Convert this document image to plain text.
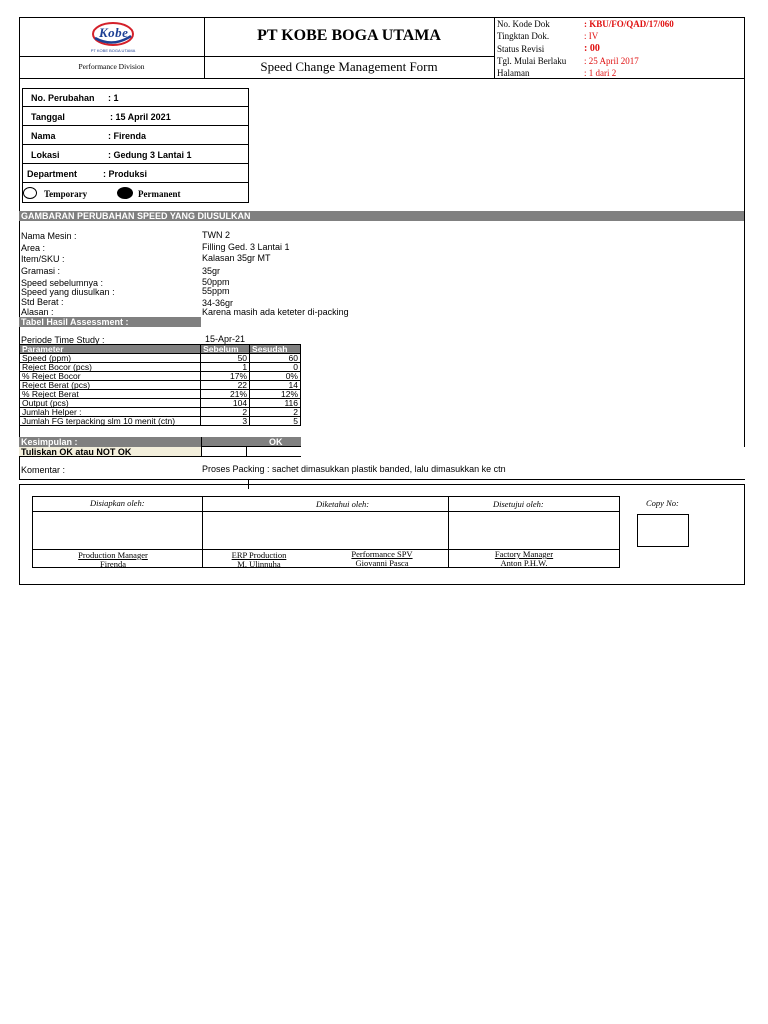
Kobe
PT KOBE BOGA UTAMA
Performance Division
PT KOBE BOGA UTAMA
Speed Change Management Form
No. Kode Dok	: KBU/FO/QAD/17/060
Tingktan Dok.	: IV
Status Revisi	: 00
Tgl. Mulai Berlaku : 25 April 2017
Halaman	: 1 dari 2
No. Perubahan : 1
Tanggal	: 15 April 2021
Nama	: Firenda
Lokasi	: Gedung 3 Lantai 1
Department	: Produksi
Temporary	Permanent
GAMBARAN PERUBAHAN SPEED YANG DIUSULKAN
Nama Mesin :	TWN 2
Area :	Filling Ged. 3 Lantai 1
Item/SKU :	Kalasan 35gr MT
Gramasi :	35gr
Speed sebelumnya :	50ppm
Speed yang diusulkan :	55ppm
Std Berat :	34-36gr
Alasan :	Karena masih ada keteter di-packing
Tabel Hasil Assessment :
Periode Time Study :	15-Apr-21
Parameter	Sebelum	Sesudah
Speed (ppm)	50	60
Reject Bocor (pcs)	1	0
% Reject Bocor	17%	0%
Reject Berat (pcs)	22	14
% Reject Berat	21%	12%
Output (pcs)	104	116
Jumlah Helper :	2	2
Jumlah FG terpacking slm 10 menit (ctn)	3	5
Kesimpulan :	OK
Tuliskan OK atau NOT OK
Komentar :	Proses Packing : sachet dimasukkan plastik banded, lalu dimasukkan ke ctn
Disiapkan oleh:	Diketahui oleh:	Disetujui oleh:	Copy No:
Production Manager
Firenda
ERP Production
M. Ulinnuha
Performance SPV
Giovanni Pasca
Factory Manager
Anton P.H.W.
